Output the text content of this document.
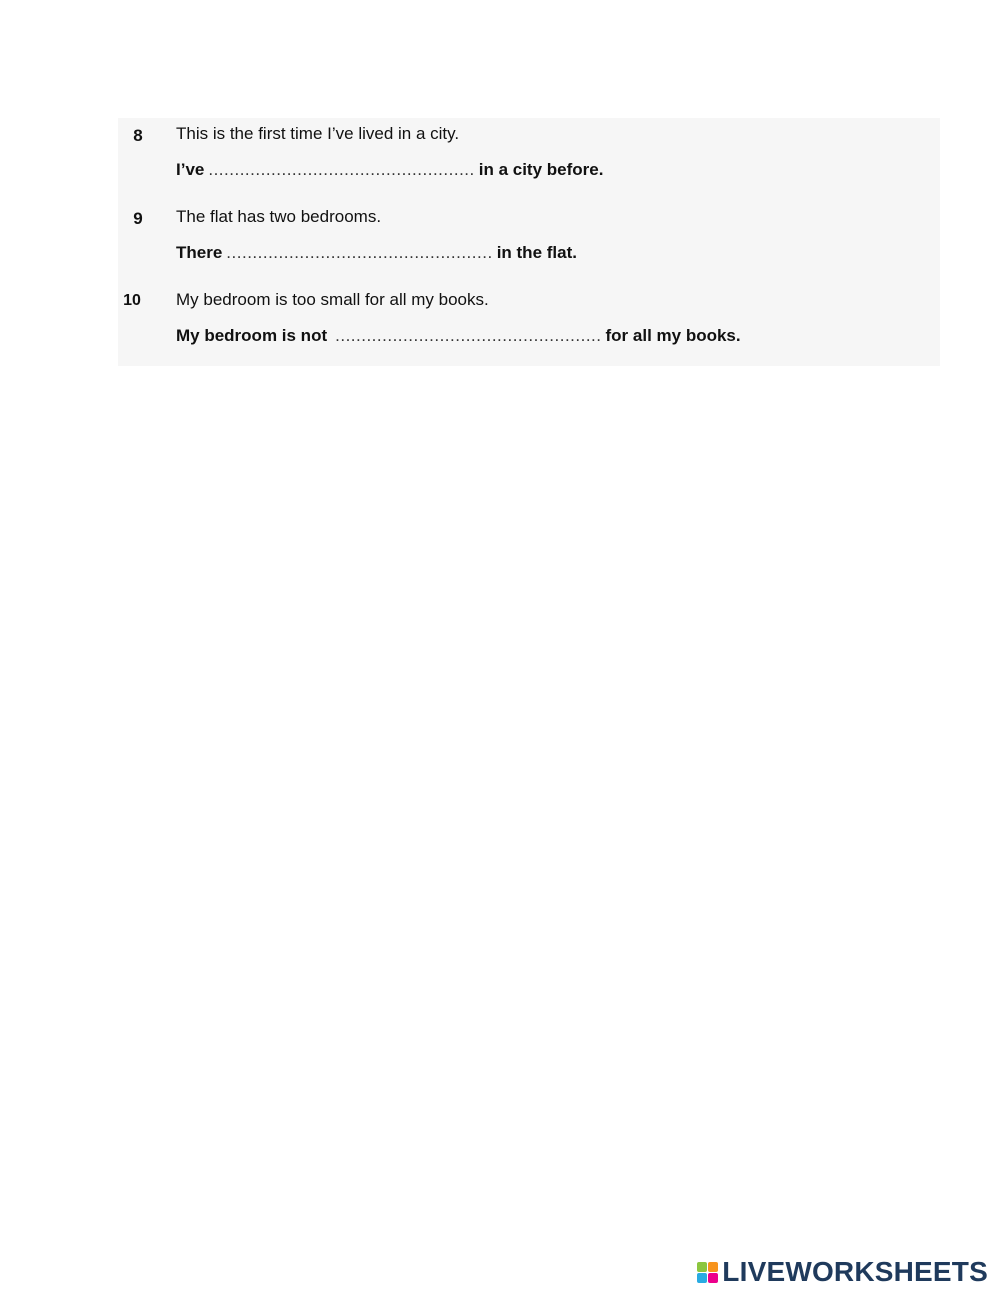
8	This is the first time I’ve lived in a city.
I’ve ................................................... in a city before.
9	The flat has two bedrooms.
There ................................................... in the flat.
10	My bedroom is too small for all my books.
My bedroom is not ................................................... for all my books.
LIVEWORKSHEETS
